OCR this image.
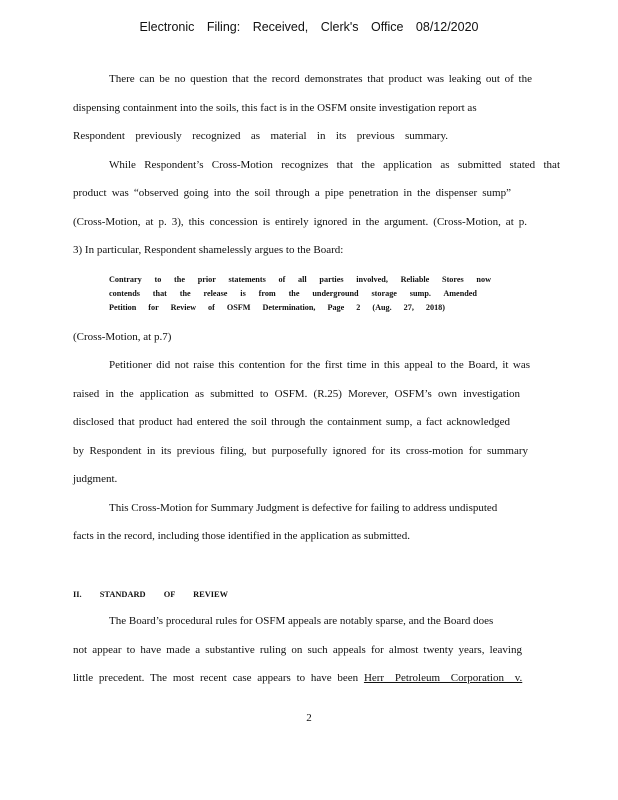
Electronic Filing: Received, Clerk's Office 08/12/2020
There can be no question that the record demonstrates that product was leaking out of the
dispensing containment into the soils, this fact is in the OSFM onsite investigation report as
Respondent previously recognized as material in its previous summary.
While Respondent’s Cross-Motion recognizes that the application as submitted stated that
product was “observed going into the soil through a pipe penetration in the dispenser sump”
(Cross-Motion, at p. 3), this concession is entirely ignored in the argument. (Cross-Motion, at p.
3) In particular, Respondent shamelessly argues to the Board:
Contrary to the prior statements of all parties involved, Reliable Stores now
contends that the release is from the underground storage sump. Amended
Petition for Review of OSFM Determination, Page 2 (Aug. 27, 2018)
(Cross-Motion, at p.7)
Petitioner did not raise this contention for the first time in this appeal to the Board, it was
raised in the application as submitted to OSFM. (R.25) Morever, OSFM’s own investigation
disclosed that product had entered the soil through the containment sump, a fact acknowledged
by Respondent in its previous filing, but purposefully ignored for its cross-motion for summary
judgment.
This Cross-Motion for Summary Judgment is defective for failing to address undisputed
facts in the record, including those identified in the application as submitted.
II. STANDARD OF REVIEW
The Board’s procedural rules for OSFM appeals are notably sparse, and the Board does
not appear to have made a substantive ruling on such appeals for almost twenty years, leaving
little precedent. The most recent case appears to have been Herr Petroleum Corporation v.
2
